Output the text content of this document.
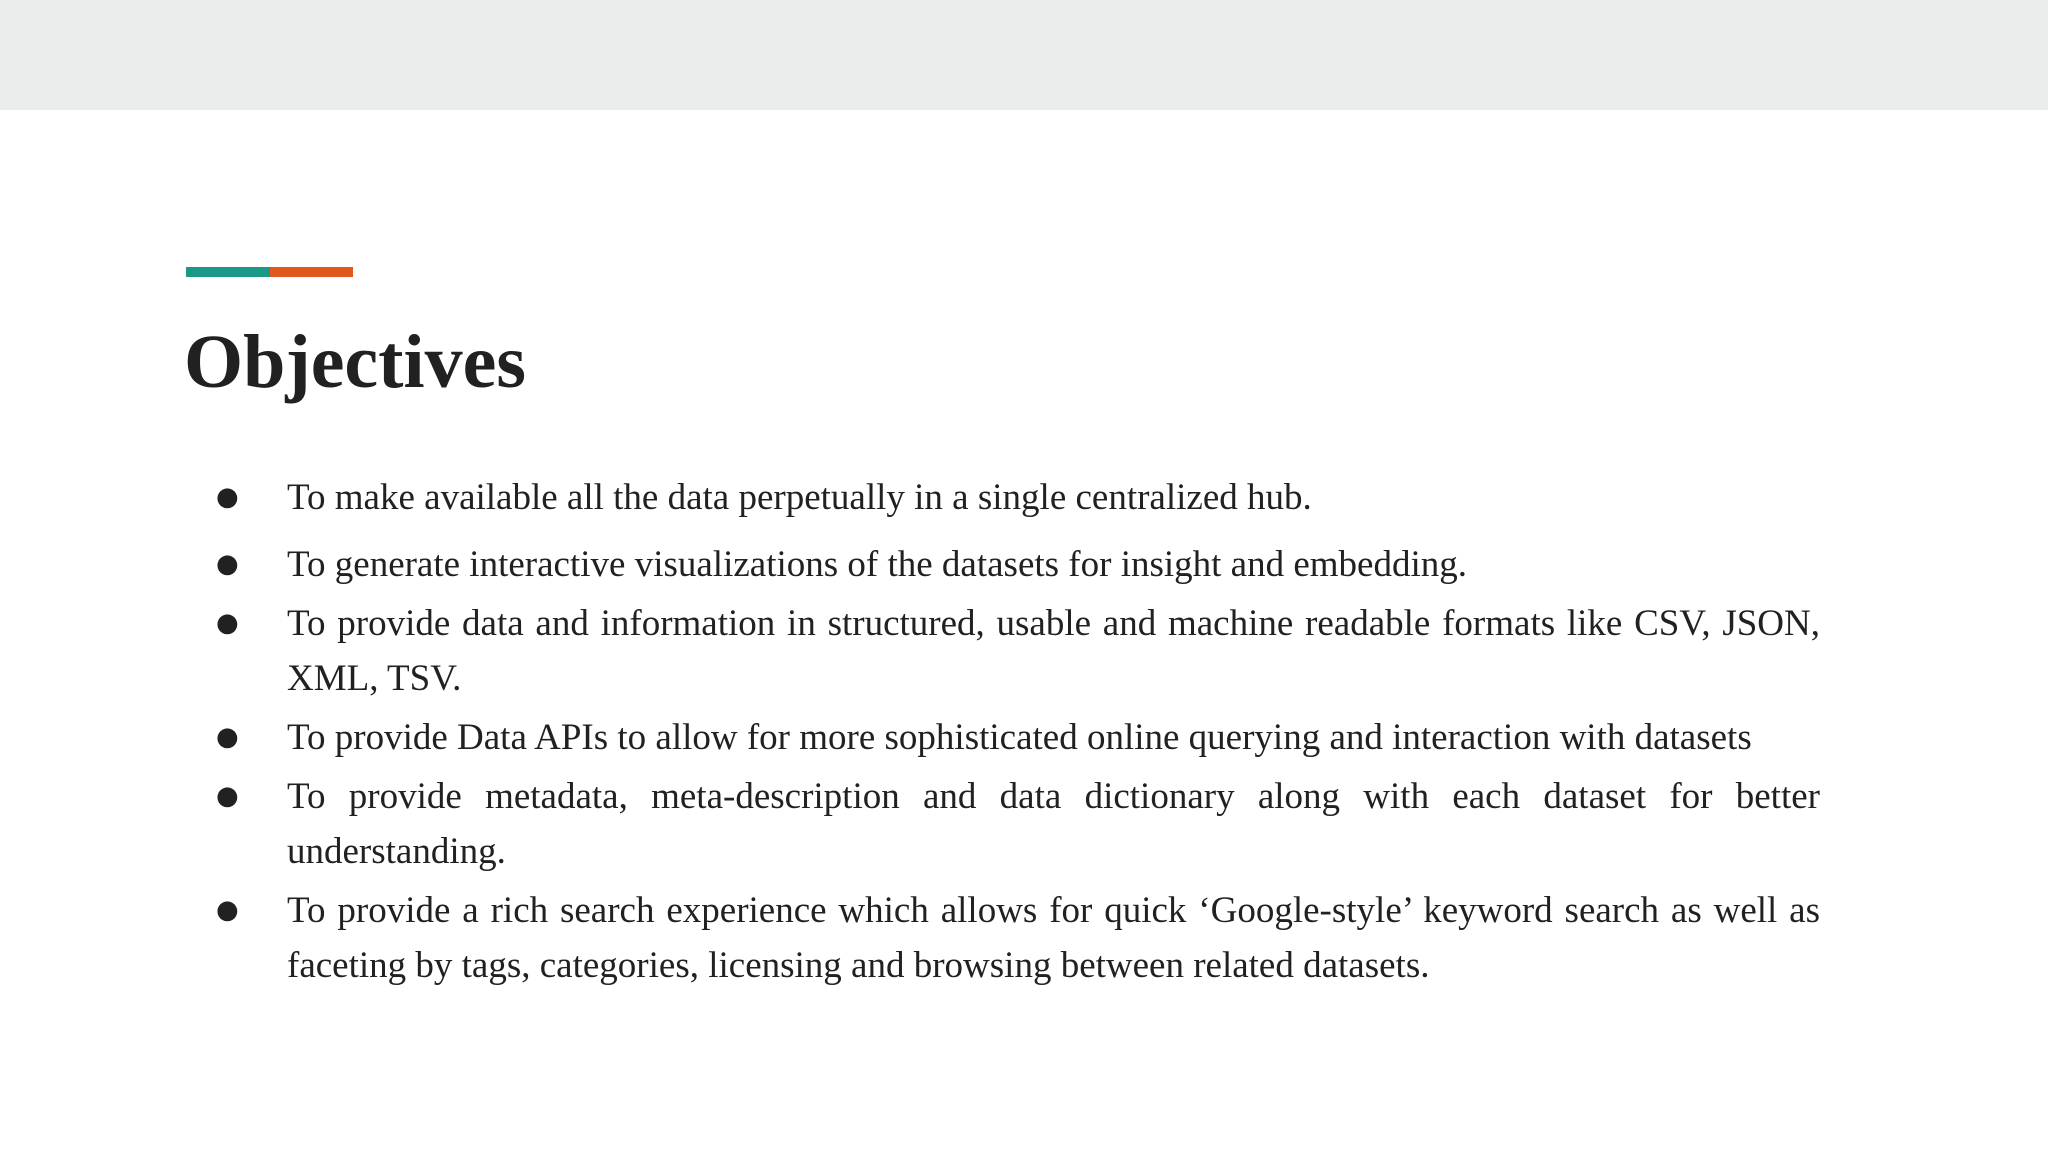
Objectives
●	To make available all the data perpetually in a single centralized hub.
●	To generate interactive visualizations of the datasets for insight and embedding.
●	To provide data and information in structured, usable and machine readable formats like CSV, JSON, XML, TSV.
●	To provide Data APIs to allow for more sophisticated online querying and interaction with datasets
●	To provide metadata, meta-description and data dictionary along with each dataset for better understanding.
●	To provide a rich search experience which allows for quick ‘Google-style’ keyword search as well as faceting by tags, categories, licensing and browsing between related datasets.
